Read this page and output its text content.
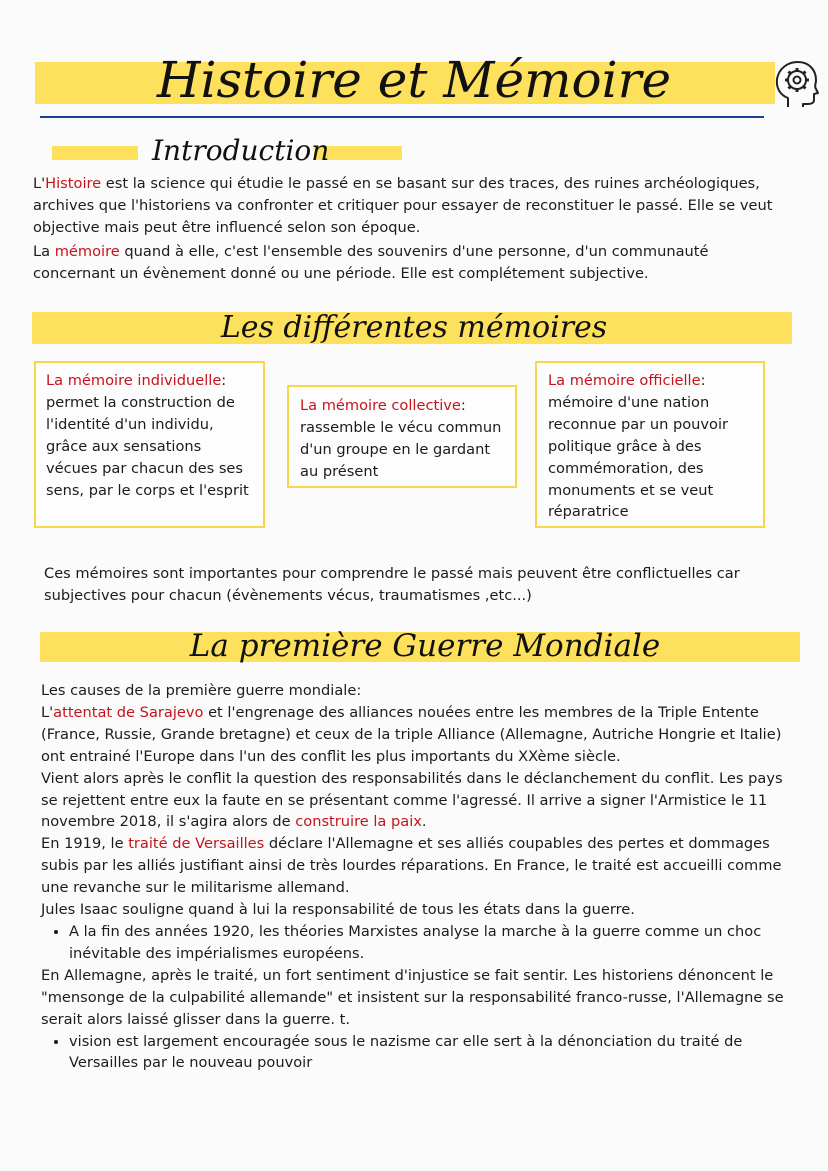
Histoire et Mémoire
Introduction
L'Histoire est la science qui étudie le passé en se basant sur des traces, des ruines archéologiques, archives que l'historiens va confronter et critiquer pour essayer de reconstituer le passé. Elle se veut objective mais peut être influencé selon son époque.
La mémoire quand à elle, c'est l'ensemble des souvenirs d'une personne, d'un communauté concernant un évènement donné ou une période. Elle est complétement subjective.
Les différentes mémoires
La mémoire individuelle:
permet la construction de l'identité d'un individu, grâce aux sensations vécues par chacun des ses sens, par le corps et l'esprit
La mémoire collective:
rassemble le vécu commun d'un groupe en le gardant au présent
La mémoire officielle:
mémoire d'une nation reconnue par un pouvoir politique grâce à des commémoration, des monuments et se veut réparatrice
Ces mémoires sont importantes pour comprendre le passé mais peuvent être conflictuelles car subjectives pour chacun (évènements vécus, traumatismes ,etc...)
La première Guerre Mondiale
Les causes de la première guerre mondiale:
L'attentat de Sarajevo et l'engrenage des alliances nouées entre les membres de la Triple Entente (France, Russie, Grande bretagne) et ceux de la triple Alliance (Allemagne, Autriche Hongrie et Italie) ont entrainé l'Europe dans l'un des conflit les plus importants du XXème siècle.
Vient alors après le conflit la question des responsabilités dans le déclanchement du conflit. Les pays se rejettent entre eux la faute en se présentant comme l'agressé. Il arrive a signer l'Armistice le 11 novembre 2018, il s'agira alors de construire la paix.
En 1919, le traité de Versailles déclare l'Allemagne et ses alliés coupables des pertes et dommages subis par les alliés justifiant ainsi de très lourdes réparations. En France, le traité est accueilli comme une revanche sur le militarisme allemand.
Jules Isaac souligne quand à lui la responsabilité de tous les états dans la guerre.
• A la fin des années 1920, les théories Marxistes analyse la marche à la guerre comme un choc inévitable des impérialismes européens.
En Allemagne, après le traité, un fort sentiment d'injustice se fait sentir. Les historiens dénoncent le "mensonge de la culpabilité allemande" et insistent sur la responsabilité franco-russe, l'Allemagne se serait alors laissé glisser dans la guerre. t.
• vision est largement encouragée sous le nazisme car elle sert à la dénonciation du traité de Versailles par le nouveau pouvoir
